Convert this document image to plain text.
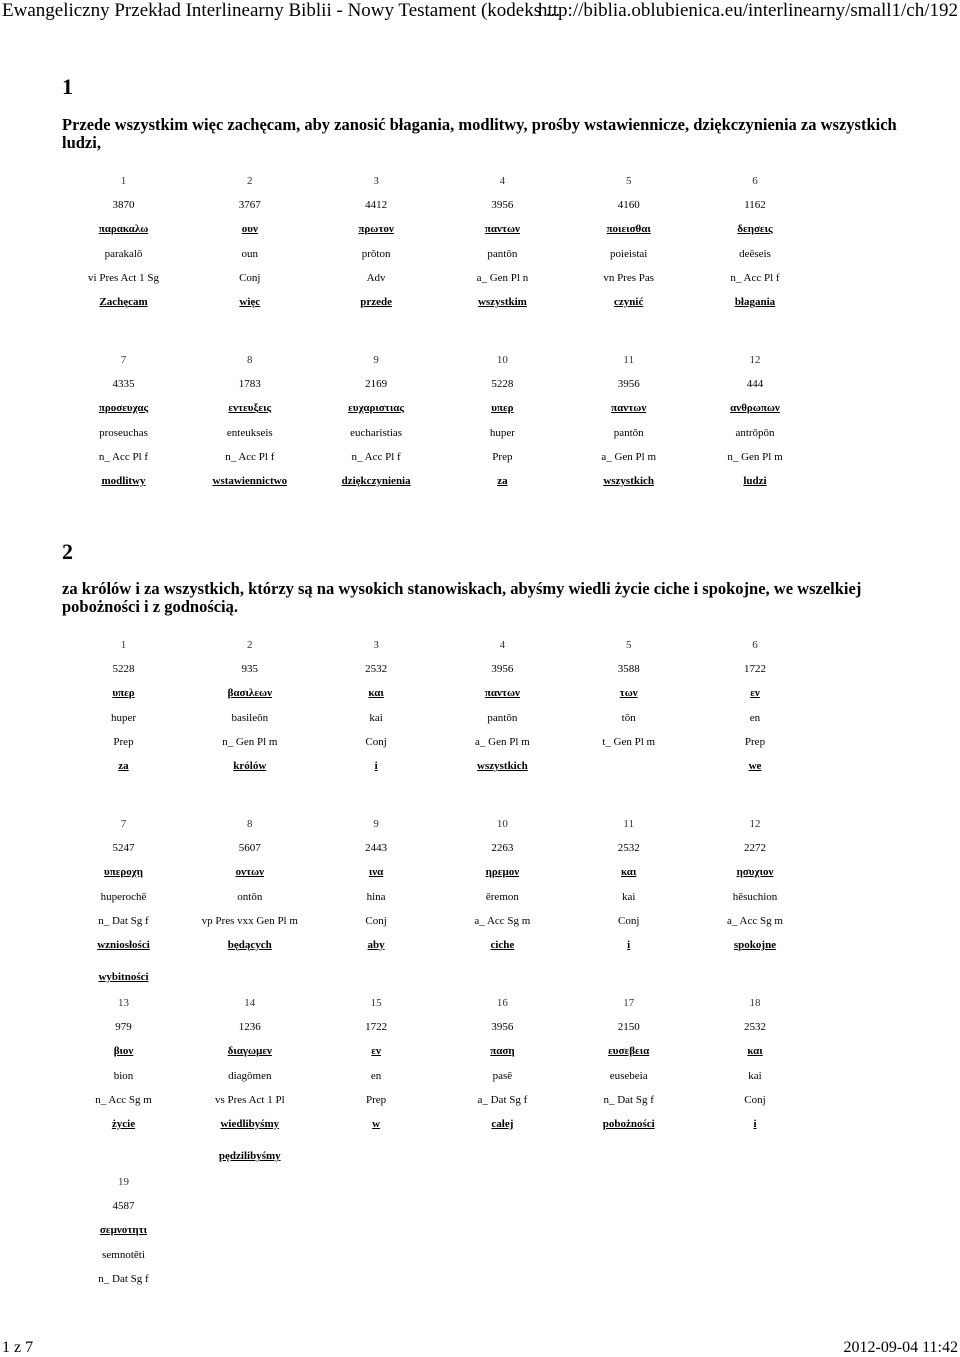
Ewangeliczny Przekład Interlinearny Biblii - Nowy Testament (kodeks ...
http://biblia.oblubienica.eu/interlinearny/small1/ch/192
1
Przede wszystkim więc zachęcam, aby zanosić błagania, modlitwy, prośby wstawiennicze, dziękczynienia za wszystkich ludzi,
1
3870
παρακαλω
parakalō
vi Pres Act 1 Sg
Zachęcam
2
3767
ουν
oun
Conj
więc
3
4412
πρωτον
prōton
Adv
przede
4
3956
παντων
pantōn
a_ Gen Pl n
wszystkim
5
4160
ποιεισθαι
poieistai
vn Pres Pas
czynić
6
1162
δεησεις
deēseis
n_ Acc Pl f
błagania
7
4335
προσευχας
proseuchas
n_ Acc Pl f
modlitwy
8
1783
εντευξεις
enteukseis
n_ Acc Pl f
wstawiennictwo
9
2169
ευχαριστιας
eucharistias
n_ Acc Pl f
dziękczynienia
10
5228
υπερ
huper
Prep
za
11
3956
παντων
pantōn
a_ Gen Pl m
wszystkich
12
444
ανθρωπων
antrōpōn
n_ Gen Pl m
ludzi
2
za królów i za wszystkich, którzy są na wysokich stanowiskach, abyśmy wiedli życie ciche i spokojne, we wszelkiej pobożności i z godnością.
1
5228
υπερ
huper
Prep
za
2
935
βασιλεων
basileōn
n_ Gen Pl m
królów
3
2532
και
kai
Conj
i
4
3956
παντων
pantōn
a_ Gen Pl m
wszystkich
5
3588
των
tōn
t_ Gen Pl m
6
1722
εν
en
Prep
we
7
5247
υπεροχη
huperochē
n_ Dat Sg f
wzniosłości
wybitności
8
5607
οντων
ontōn
vp Pres vxx Gen Pl m
będących
9
2443
ινα
hina
Conj
aby
10
2263
ηρεμον
ēremon
a_ Acc Sg m
ciche
11
2532
και
kai
Conj
i
12
2272
ησυχιον
hēsuchion
a_ Acc Sg m
spokojne
13
979
βιον
bion
n_ Acc Sg m
życie
14
1236
διαγωμεν
diagōmen
vs Pres Act 1 Pl
wiedlibyśmy
pędzilibyśmy
15
1722
εν
en
Prep
w
16
3956
παση
pasē
a_ Dat Sg f
całej
17
2150
ευσεβεια
eusebeia
n_ Dat Sg f
pobożności
18
2532
και
kai
Conj
i
19
4587
σεμνοτητι
semnotēti
n_ Dat Sg f
1 z 7	2012-09-04 11:42
